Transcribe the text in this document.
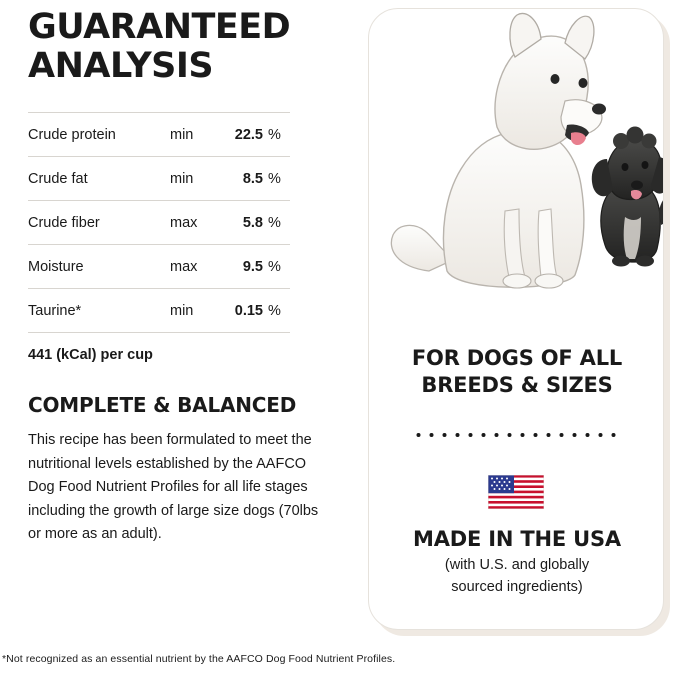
GUARANTEED ANALYSIS
Crude protein	min	22.5	%
Crude fat	min	8.5	%
Crude fiber	max	5.8	%
Moisture	max	9.5	%
Taurine*	min	0.15	%
441 (kCal) per cup
COMPLETE & BALANCED
This recipe has been formulated to meet the nutritional levels established by the AAFCO Dog Food Nutrient Profiles for all life stages including the growth of large size dogs (70lbs or more as an adult).
*Not recognized as an essential nutrient by the AAFCO Dog Food Nutrient Profiles.
FOR DOGS OF ALL
BREEDS & SIZES
MADE IN THE USA
(with U.S. and globally
sourced ingredients)
